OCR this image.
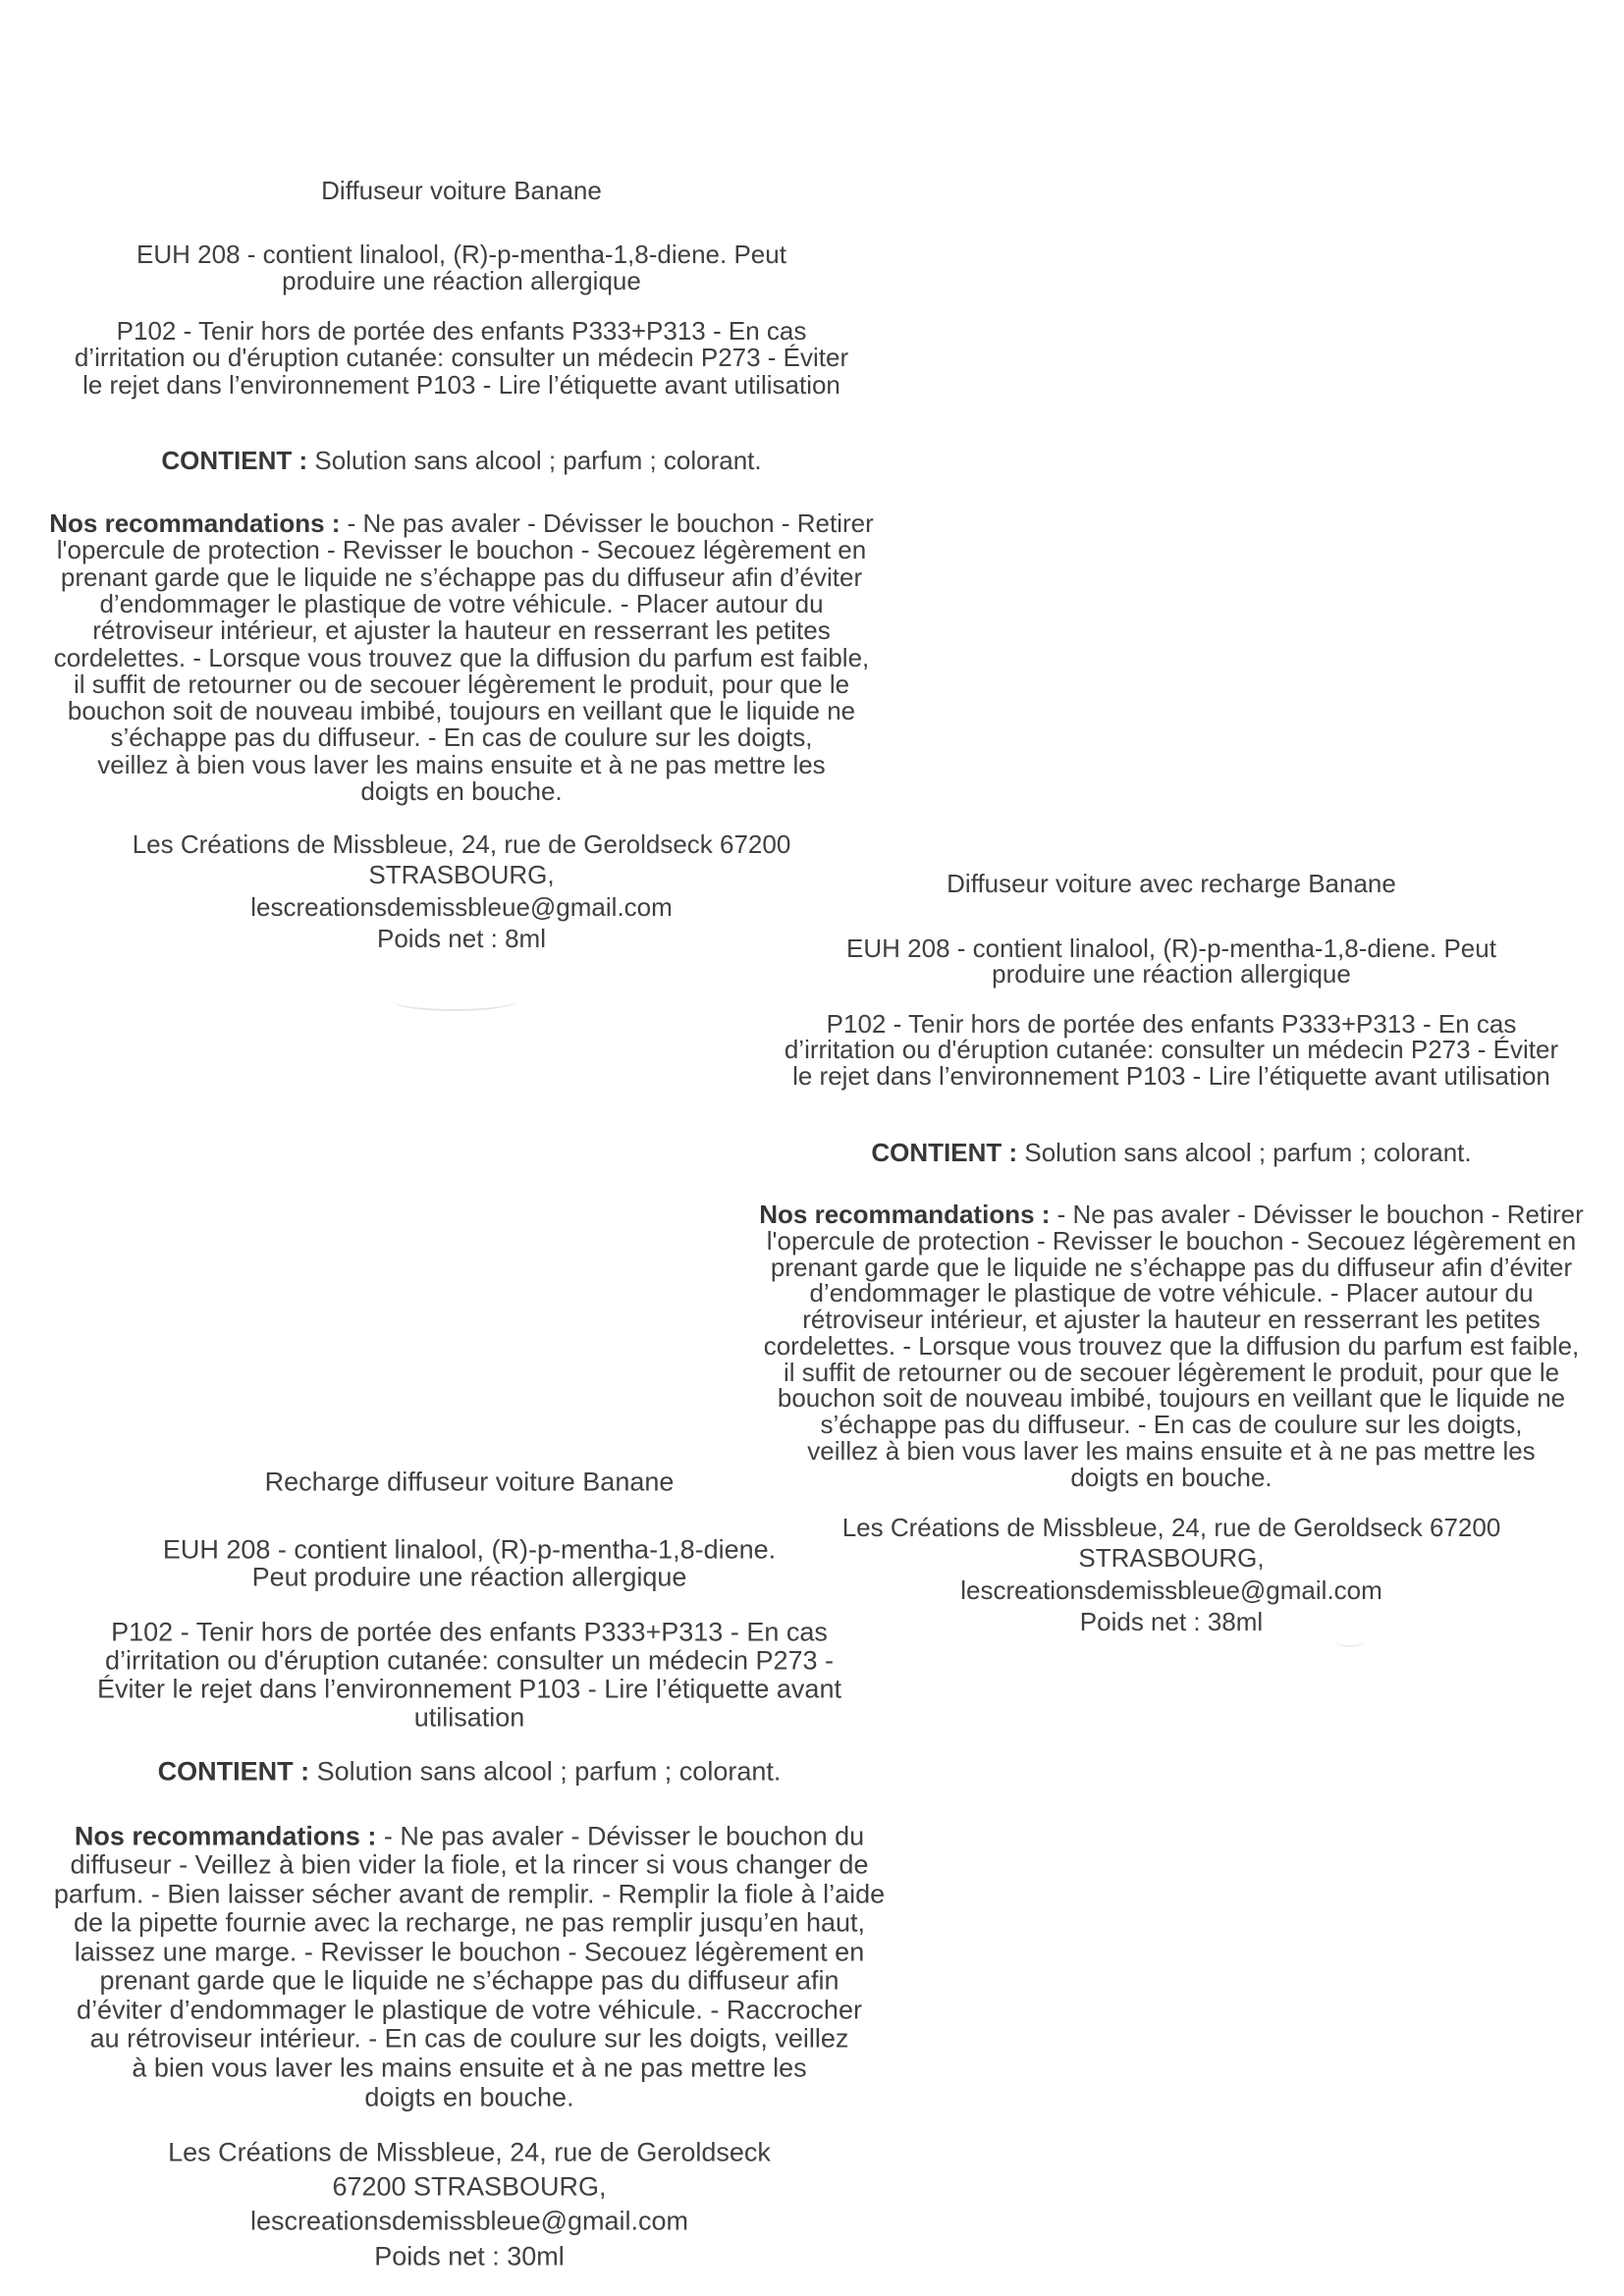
Diffuseur voiture Banane
EUH 208 - contient linalool, (R)-p-mentha-1,8-diene. Peut
produire une réaction allergique
P102 - Tenir hors de portée des enfants P333+P313 - En cas
d’irritation ou d'éruption cutanée: consulter un médecin P273 - Éviter
le rejet dans l’environnement P103 - Lire l’étiquette avant utilisation
CONTIENT : Solution sans alcool ; parfum ; colorant.
Nos recommandations : - Ne pas avaler - Dévisser le bouchon - Retirer
l'opercule de protection - Revisser le bouchon - Secouez légèrement en
prenant garde que le liquide ne s’échappe pas du diffuseur afin d’éviter
d’endommager le plastique de votre véhicule. - Placer autour du
rétroviseur intérieur, et ajuster la hauteur en resserrant les petites
cordelettes. - Lorsque vous trouvez que la diffusion du parfum est faible,
il suffit de retourner ou de secouer légèrement le produit, pour que le
bouchon soit de nouveau imbibé, toujours en veillant que le liquide ne
s’échappe pas du diffuseur. - En cas de coulure sur les doigts,
veillez à bien vous laver les mains ensuite et à ne pas mettre les
doigts en bouche.
Les Créations de Missbleue, 24, rue de Geroldseck 67200
STRASBOURG,
lescreationsdemissbleue@gmail.com
Poids net : 8ml
Diffuseur voiture avec recharge Banane
EUH 208 - contient linalool, (R)-p-mentha-1,8-diene. Peut
produire une réaction allergique
P102 - Tenir hors de portée des enfants P333+P313 - En cas
d’irritation ou d'éruption cutanée: consulter un médecin P273 - Éviter
le rejet dans l’environnement P103 - Lire l’étiquette avant utilisation
CONTIENT : Solution sans alcool ; parfum ; colorant.
Nos recommandations : - Ne pas avaler - Dévisser le bouchon - Retirer
l'opercule de protection - Revisser le bouchon - Secouez légèrement en
prenant garde que le liquide ne s’échappe pas du diffuseur afin d’éviter
d’endommager le plastique de votre véhicule. - Placer autour du
rétroviseur intérieur, et ajuster la hauteur en resserrant les petites
cordelettes. - Lorsque vous trouvez que la diffusion du parfum est faible,
il suffit de retourner ou de secouer légèrement le produit, pour que le
bouchon soit de nouveau imbibé, toujours en veillant que le liquide ne
s’échappe pas du diffuseur. - En cas de coulure sur les doigts,
veillez à bien vous laver les mains ensuite et à ne pas mettre les
doigts en bouche.
Les Créations de Missbleue, 24, rue de Geroldseck 67200
STRASBOURG,
lescreationsdemissbleue@gmail.com
Poids net : 38ml
Recharge diffuseur voiture Banane
EUH 208 - contient linalool, (R)-p-mentha-1,8-diene.
Peut produire une réaction allergique
P102 - Tenir hors de portée des enfants P333+P313 - En cas
d’irritation ou d'éruption cutanée: consulter un médecin P273 -
Éviter le rejet dans l’environnement P103 - Lire l’étiquette avant
utilisation
CONTIENT : Solution sans alcool ; parfum ; colorant.
Nos recommandations : - Ne pas avaler - Dévisser le bouchon du
diffuseur - Veillez à bien vider la fiole, et la rincer si vous changer de
parfum. - Bien laisser sécher avant de remplir. - Remplir la fiole à l’aide
de la pipette fournie avec la recharge, ne pas remplir jusqu’en haut,
laissez une marge. - Revisser le bouchon - Secouez légèrement en
prenant garde que le liquide ne s’échappe pas du diffuseur afin
d’éviter d’endommager le plastique de votre véhicule. - Raccrocher
au rétroviseur intérieur. - En cas de coulure sur les doigts, veillez
à bien vous laver les mains ensuite et à ne pas mettre les
doigts en bouche.
Les Créations de Missbleue, 24, rue de Geroldseck
67200 STRASBOURG,
lescreationsdemissbleue@gmail.com
Poids net : 30ml
